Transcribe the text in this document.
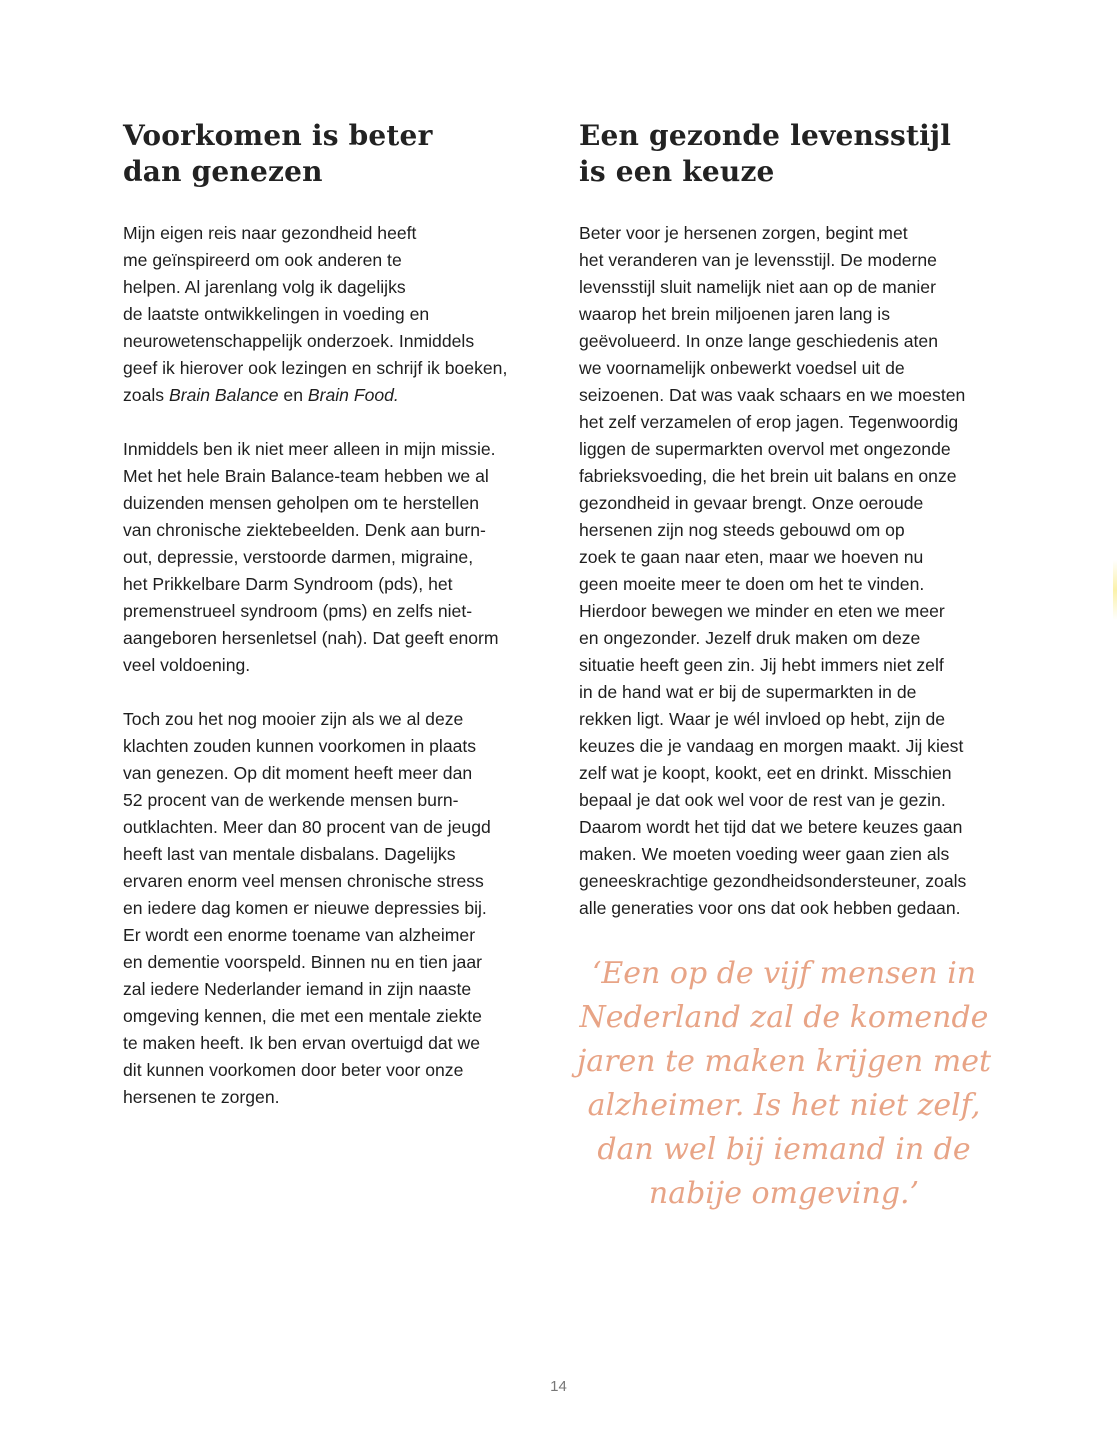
Voorkomen is beter
dan genezen

Mijn eigen reis naar gezondheid heeft
me geïnspireerd om ook anderen te
helpen. Al jarenlang volg ik dagelijks
de laatste ontwikkelingen in voeding en
neurowetenschappelijk onderzoek. Inmiddels
geef ik hierover ook lezingen en schrijf ik boeken,
zoals Brain Balance en Brain Food.

Inmiddels ben ik niet meer alleen in mijn missie.
Met het hele Brain Balance-team hebben we al
duizenden mensen geholpen om te herstellen
van chronische ziektebeelden. Denk aan burn-
out, depressie, verstoorde darmen, migraine,
het Prikkelbare Darm Syndroom (pds), het
premenstrueel syndroom (pms) en zelfs niet-
aangeboren hersenletsel (nah). Dat geeft enorm
veel voldoening.

Toch zou het nog mooier zijn als we al deze
klachten zouden kunnen voorkomen in plaats
van genezen. Op dit moment heeft meer dan
52 procent van de werkende mensen burn-
outklachten. Meer dan 80 procent van de jeugd
heeft last van mentale disbalans. Dagelijks
ervaren enorm veel mensen chronische stress
en iedere dag komen er nieuwe depressies bij.
Er wordt een enorme toename van alzheimer
en dementie voorspeld. Binnen nu en tien jaar
zal iedere Nederlander iemand in zijn naaste
omgeving kennen, die met een mentale ziekte
te maken heeft. Ik ben ervan overtuigd dat we
dit kunnen voorkomen door beter voor onze
hersenen te zorgen.

Een gezonde levensstijl
is een keuze

Beter voor je hersenen zorgen, begint met
het veranderen van je levensstijl. De moderne
levensstijl sluit namelijk niet aan op de manier
waarop het brein miljoenen jaren lang is
geëvolueerd. In onze lange geschiedenis aten
we voornamelijk onbewerkt voedsel uit de
seizoenen. Dat was vaak schaars en we moesten
het zelf verzamelen of erop jagen. Tegenwoordig
liggen de supermarkten overvol met ongezonde
fabrieksvoeding, die het brein uit balans en onze
gezondheid in gevaar brengt. Onze oeroude
hersenen zijn nog steeds gebouwd om op
zoek te gaan naar eten, maar we hoeven nu
geen moeite meer te doen om het te vinden.
Hierdoor bewegen we minder en eten we meer
en ongezonder. Jezelf druk maken om deze
situatie heeft geen zin. Jij hebt immers niet zelf
in de hand wat er bij de supermarkten in de
rekken ligt. Waar je wél invloed op hebt, zijn de
keuzes die je vandaag en morgen maakt. Jij kiest
zelf wat je koopt, kookt, eet en drinkt. Misschien
bepaal je dat ook wel voor de rest van je gezin.
Daarom wordt het tijd dat we betere keuzes gaan
maken. We moeten voeding weer gaan zien als
geneeskrachtige gezondheidsondersteuner, zoals
alle generaties voor ons dat ook hebben gedaan.

‘Een op de vijf mensen in
Nederland zal de komende
jaren te maken krijgen met
alzheimer. Is het niet zelf,
dan wel bij iemand in de
nabije omgeving.’
14
